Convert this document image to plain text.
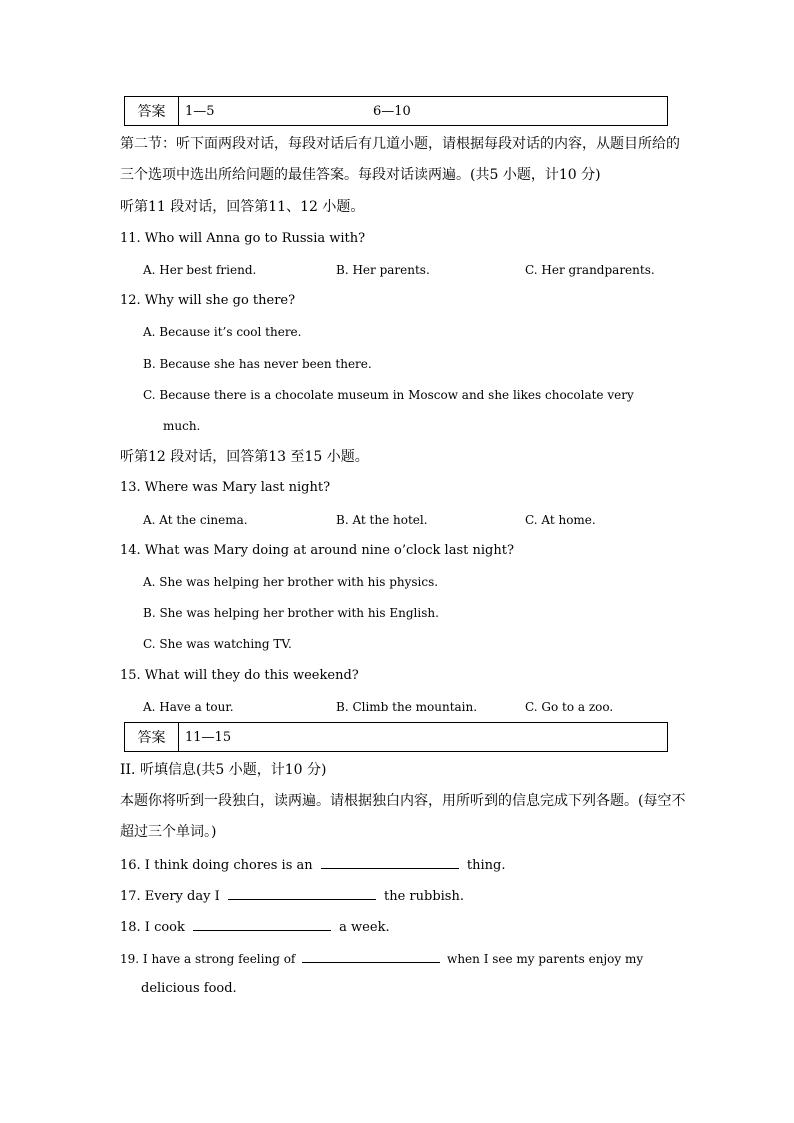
答案	1—5	6—10
第二节：听下面两段对话，每段对话后有几道小题，请根据每段对话的内容，从题目所给的
三个选项中选出所给问题的最佳答案。每段对话读两遍。(共5 小题，计10 分)
听第11 段对话，回答第11、12 小题。
11. Who will Anna go to Russia with?
A. Her best friend.	B. Her parents.	C. Her grandparents.
12. Why will she go there?
A. Because it’s cool there.
B. Because she has never been there.
C. Because there is a chocolate museum in Moscow and she likes chocolate very
much.
听第12 段对话，回答第13 至15 小题。
13. Where was Mary last night?
A. At the cinema.	B. At the hotel.	C. At home.
14. What was Mary doing at around nine o’clock last night?
A. She was helping her brother with his physics.
B. She was helping her brother with his English.
C. She was watching TV.
15. What will they do this weekend?
A. Have a tour.	B. Climb the mountain.	C. Go to a zoo.
答案	11—15
II. 听填信息(共5 小题，计10 分)
本题你将听到一段独白，读两遍。请根据独白内容，用所听到的信息完成下列各题。(每空不
超过三个单词。)
16. I think doing chores is an	thing.
17. Every day I	the rubbish.
18. I cook	a week.
19. I have a strong feeling of	when I see my parents enjoy my
delicious food.
